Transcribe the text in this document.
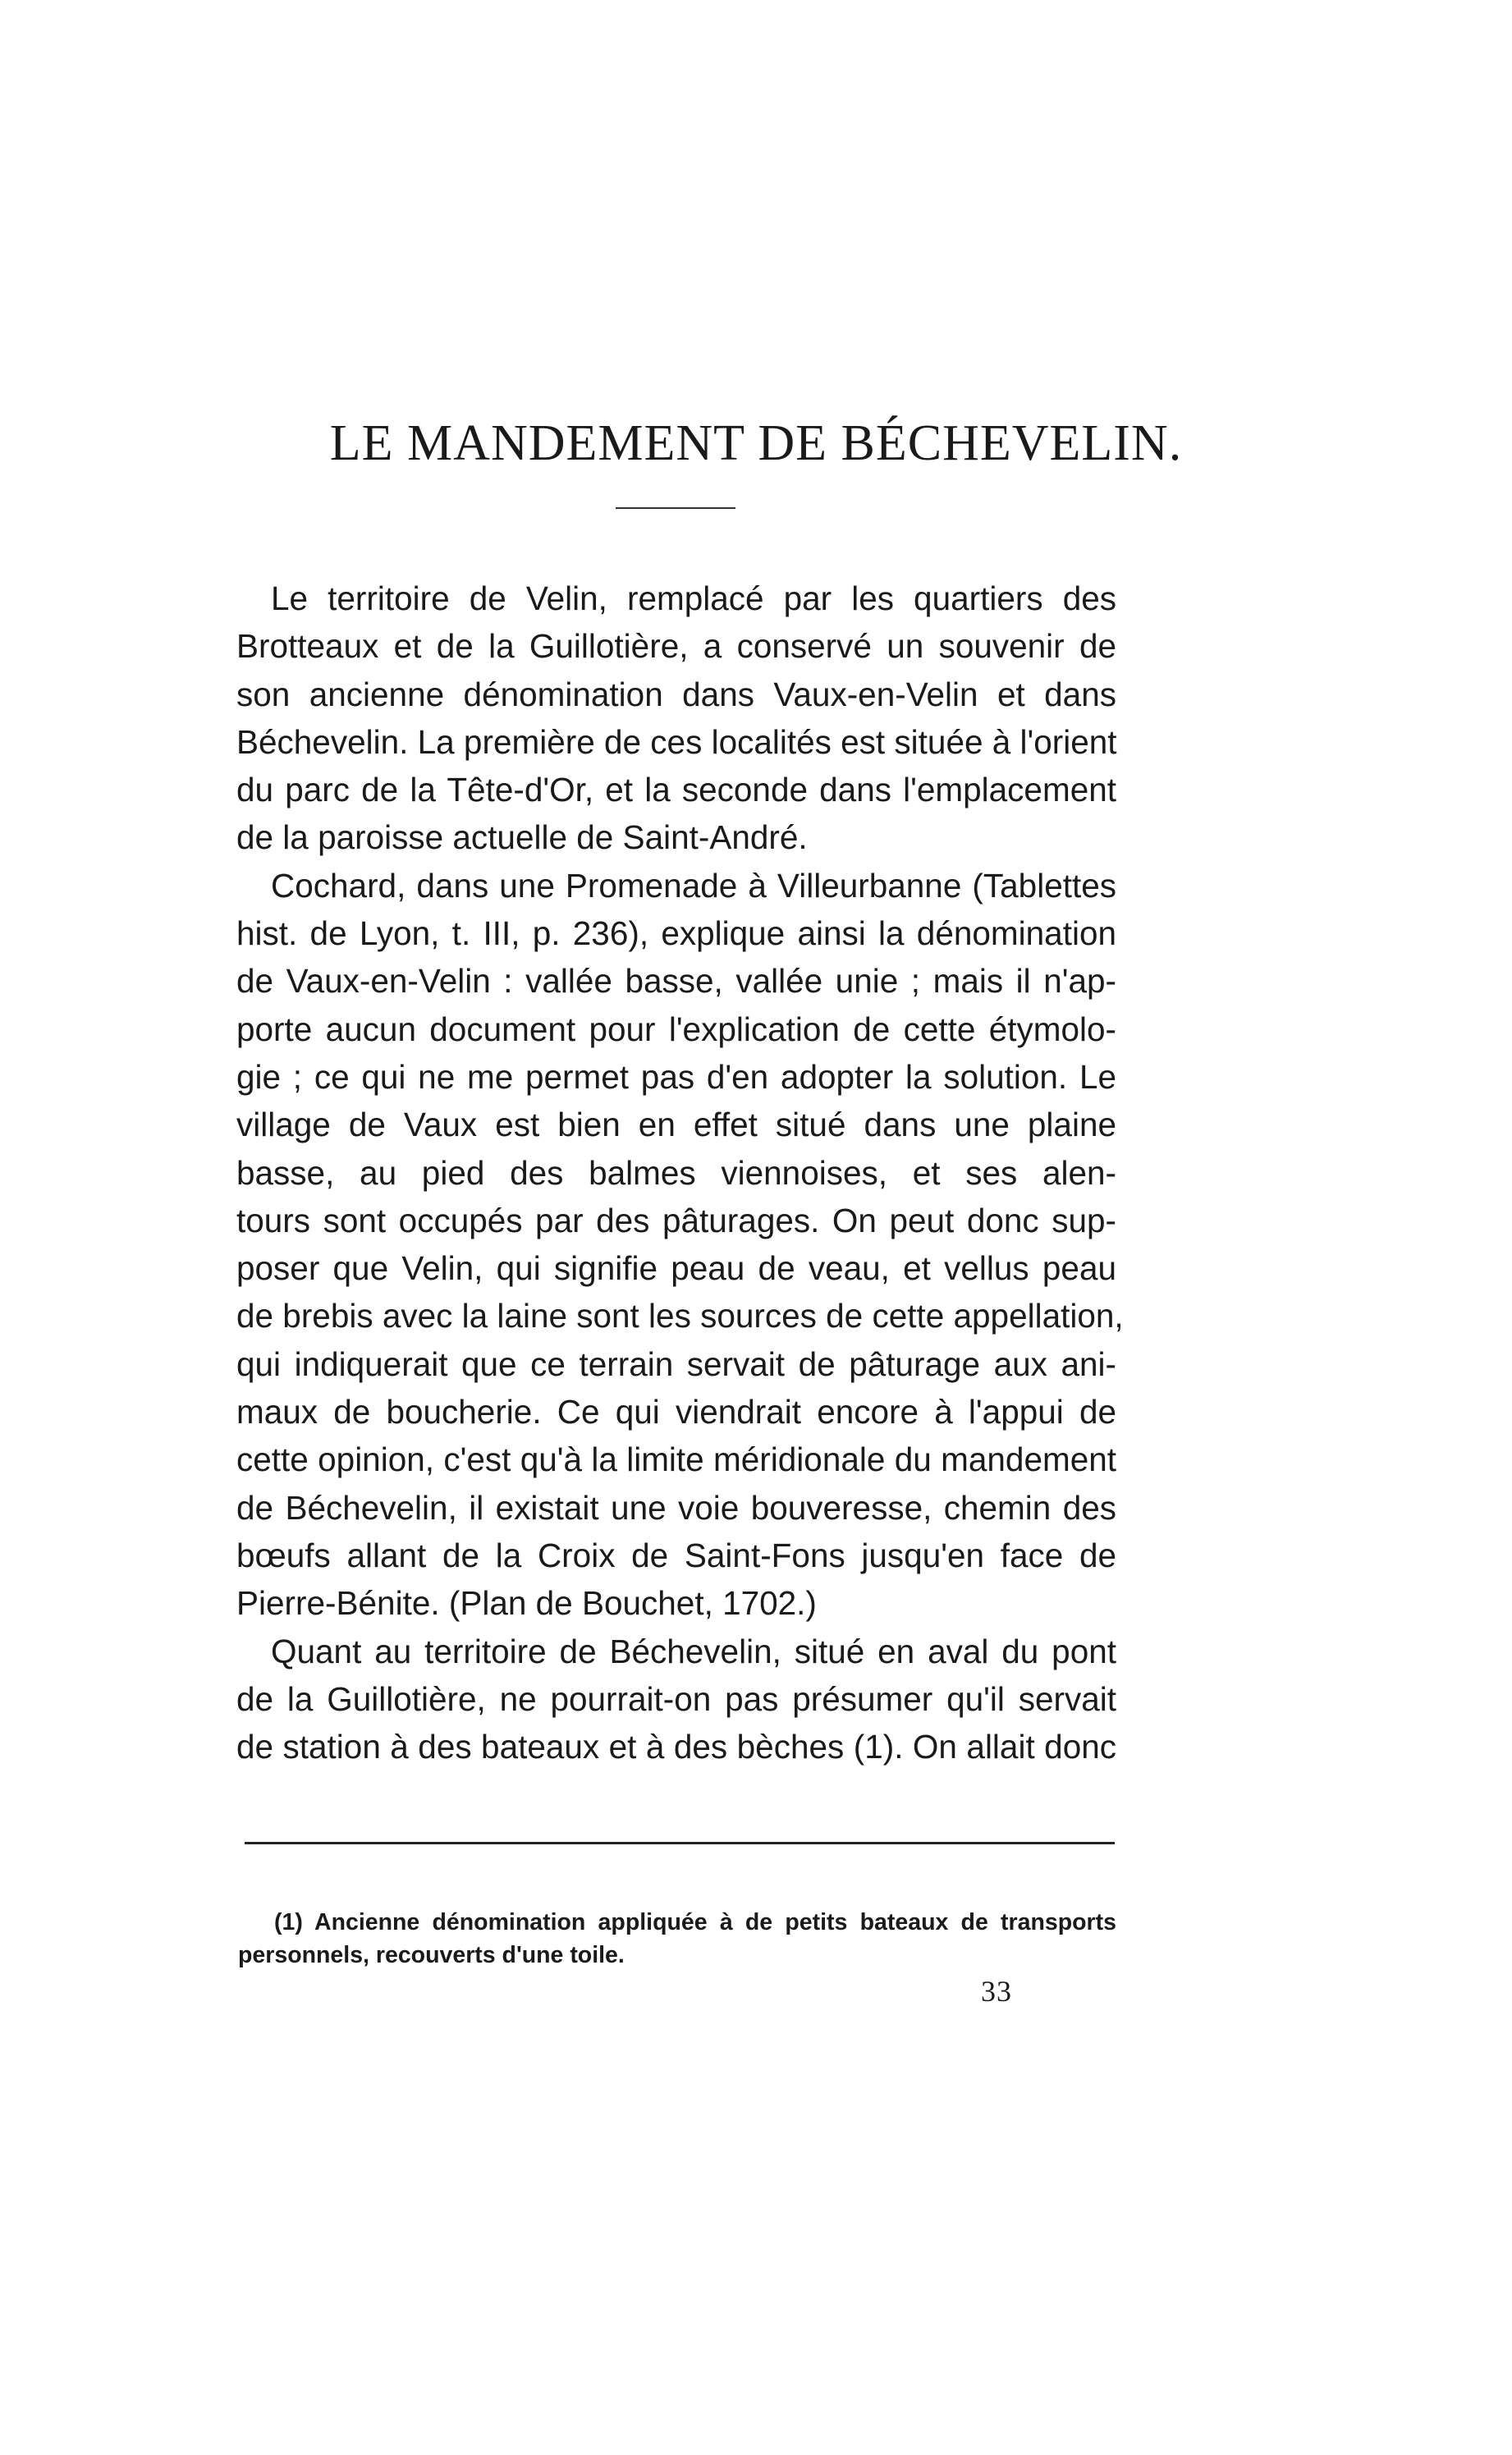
LE MANDEMENT DE BÉCHEVELIN.
Le territoire de Velin, remplacé par les quartiers des
Brotteaux et de la Guillotière, a conservé un souvenir de
son ancienne dénomination dans Vaux-en-Velin et dans
Béchevelin. La première de ces localités est située à l'orient
du parc de la Tête-d'Or, et la seconde dans l'emplacement
de la paroisse actuelle de Saint-André.
Cochard, dans une Promenade à Villeurbanne (Tablettes
hist. de Lyon, t. III, p. 236), explique ainsi la dénomination
de Vaux-en-Velin : vallée basse, vallée unie ; mais il n'ap-
porte aucun document pour l'explication de cette étymolo-
gie ; ce qui ne me permet pas d'en adopter la solution. Le
village de Vaux est bien en effet situé dans une plaine
basse, au pied des balmes viennoises, et ses alen-
tours sont occupés par des pâturages. On peut donc sup-
poser que Velin, qui signifie peau de veau, et vellus peau
de brebis avec la laine sont les sources de cette appellation,
qui indiquerait que ce terrain servait de pâturage aux ani-
maux de boucherie. Ce qui viendrait encore à l'appui de
cette opinion, c'est qu'à la limite méridionale du mandement
de Béchevelin, il existait une voie bouveresse, chemin des
bœufs allant de la Croix de Saint-Fons jusqu'en face de
Pierre-Bénite. (Plan de Bouchet, 1702.)
Quant au territoire de Béchevelin, situé en aval du pont
de la Guillotière, ne pourrait-on pas présumer qu'il servait
de station à des bateaux et à des bèches (1). On allait donc
(1) Ancienne dénomination appliquée à de petits bateaux de transports
personnels, recouverts d'une toile.
33
